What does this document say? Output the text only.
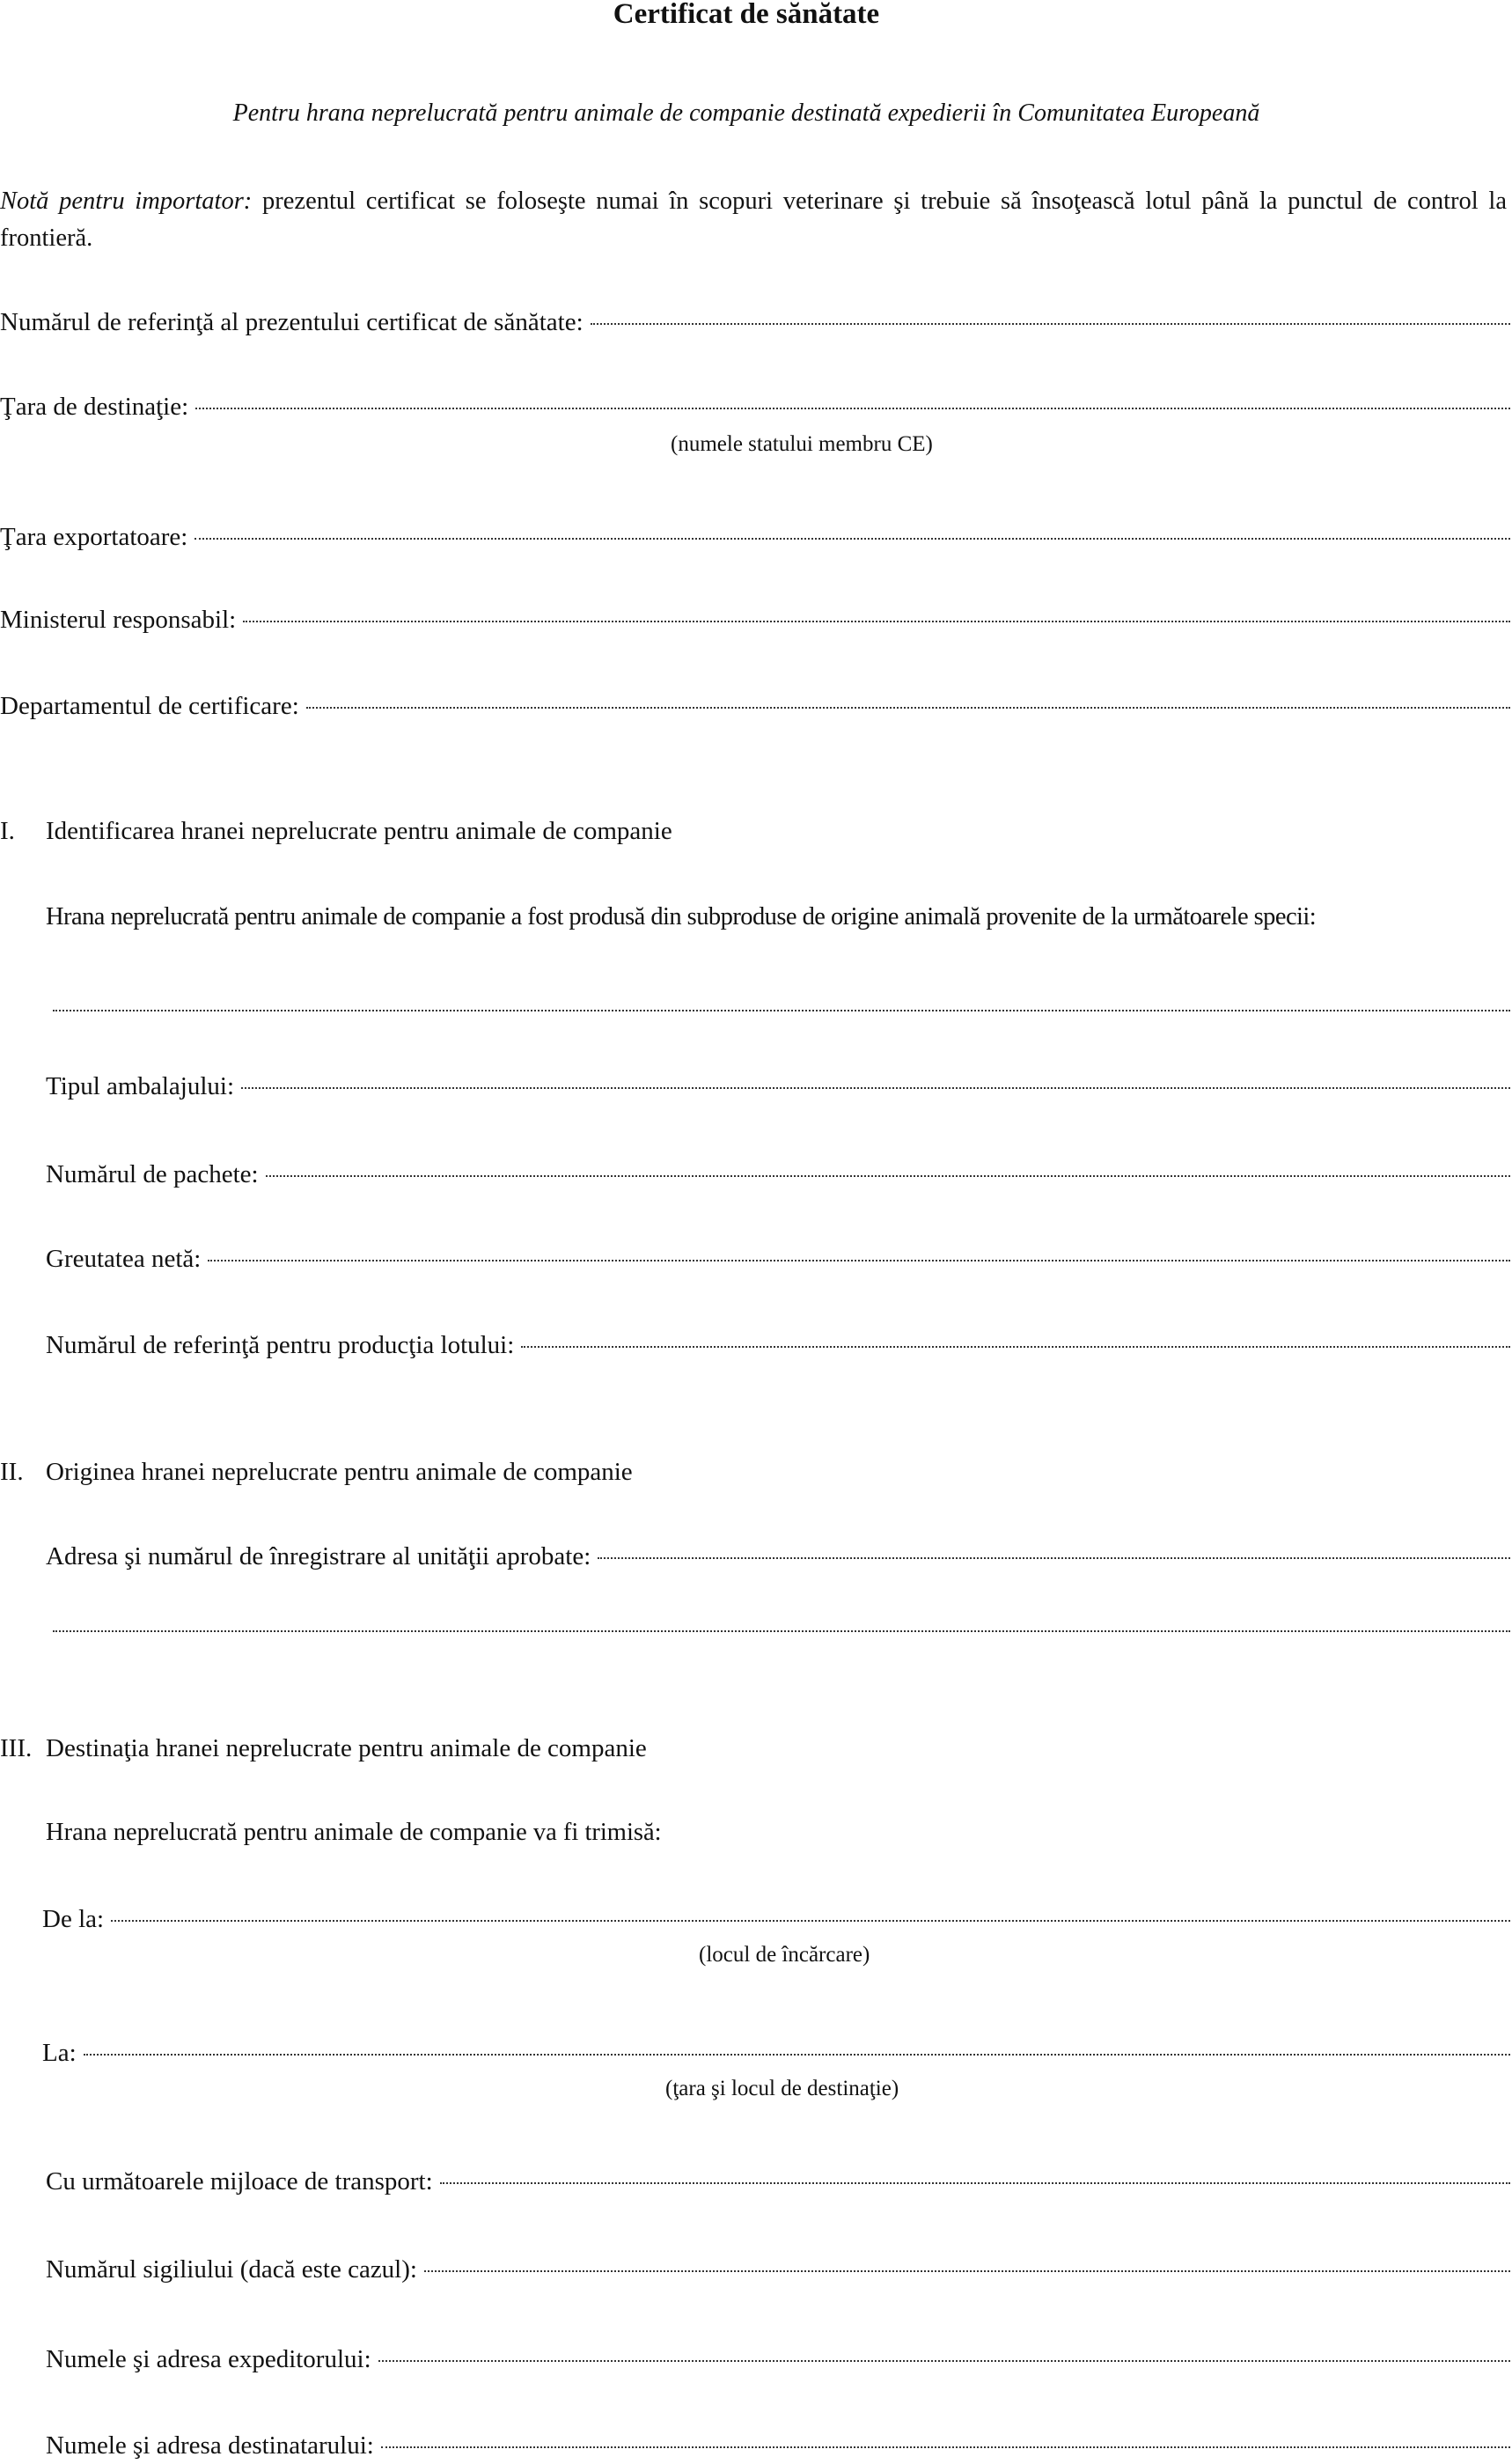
Certificat de sănătate
Pentru hrana neprelucrată pentru animale de companie destinată expedierii în Comunitatea Europeană
Notă pentru importator: prezentul certificat se foloseşte numai în scopuri veterinare şi trebuie să însoţească lotul până la punctul de control la frontieră.
Numărul de referinţă al prezentului certificat de sănătate:
Ţara de destinaţie:
(numele statului membru CE)
Ţara exportatoare:
Ministerul responsabil:
Departamentul de certificare:
I. Identificarea hranei neprelucrate pentru animale de companie
Hrana neprelucrată pentru animale de companie a fost produsă din subproduse de origine animală provenite de la următoarele specii:
Tipul ambalajului:
Numărul de pachete:
Greutatea netă:
Numărul de referinţă pentru producţia lotului:
II. Originea hranei neprelucrate pentru animale de companie
Adresa şi numărul de înregistrare al unităţii aprobate:
III. Destinaţia hranei neprelucrate pentru animale de companie
Hrana neprelucrată pentru animale de companie va fi trimisă:
De la:
(locul de încărcare)
La:
(ţara şi locul de destinaţie)
Cu următoarele mijloace de transport:
Numărul sigiliului (dacă este cazul):
Numele şi adresa expeditorului:
Numele şi adresa destinatarului:
